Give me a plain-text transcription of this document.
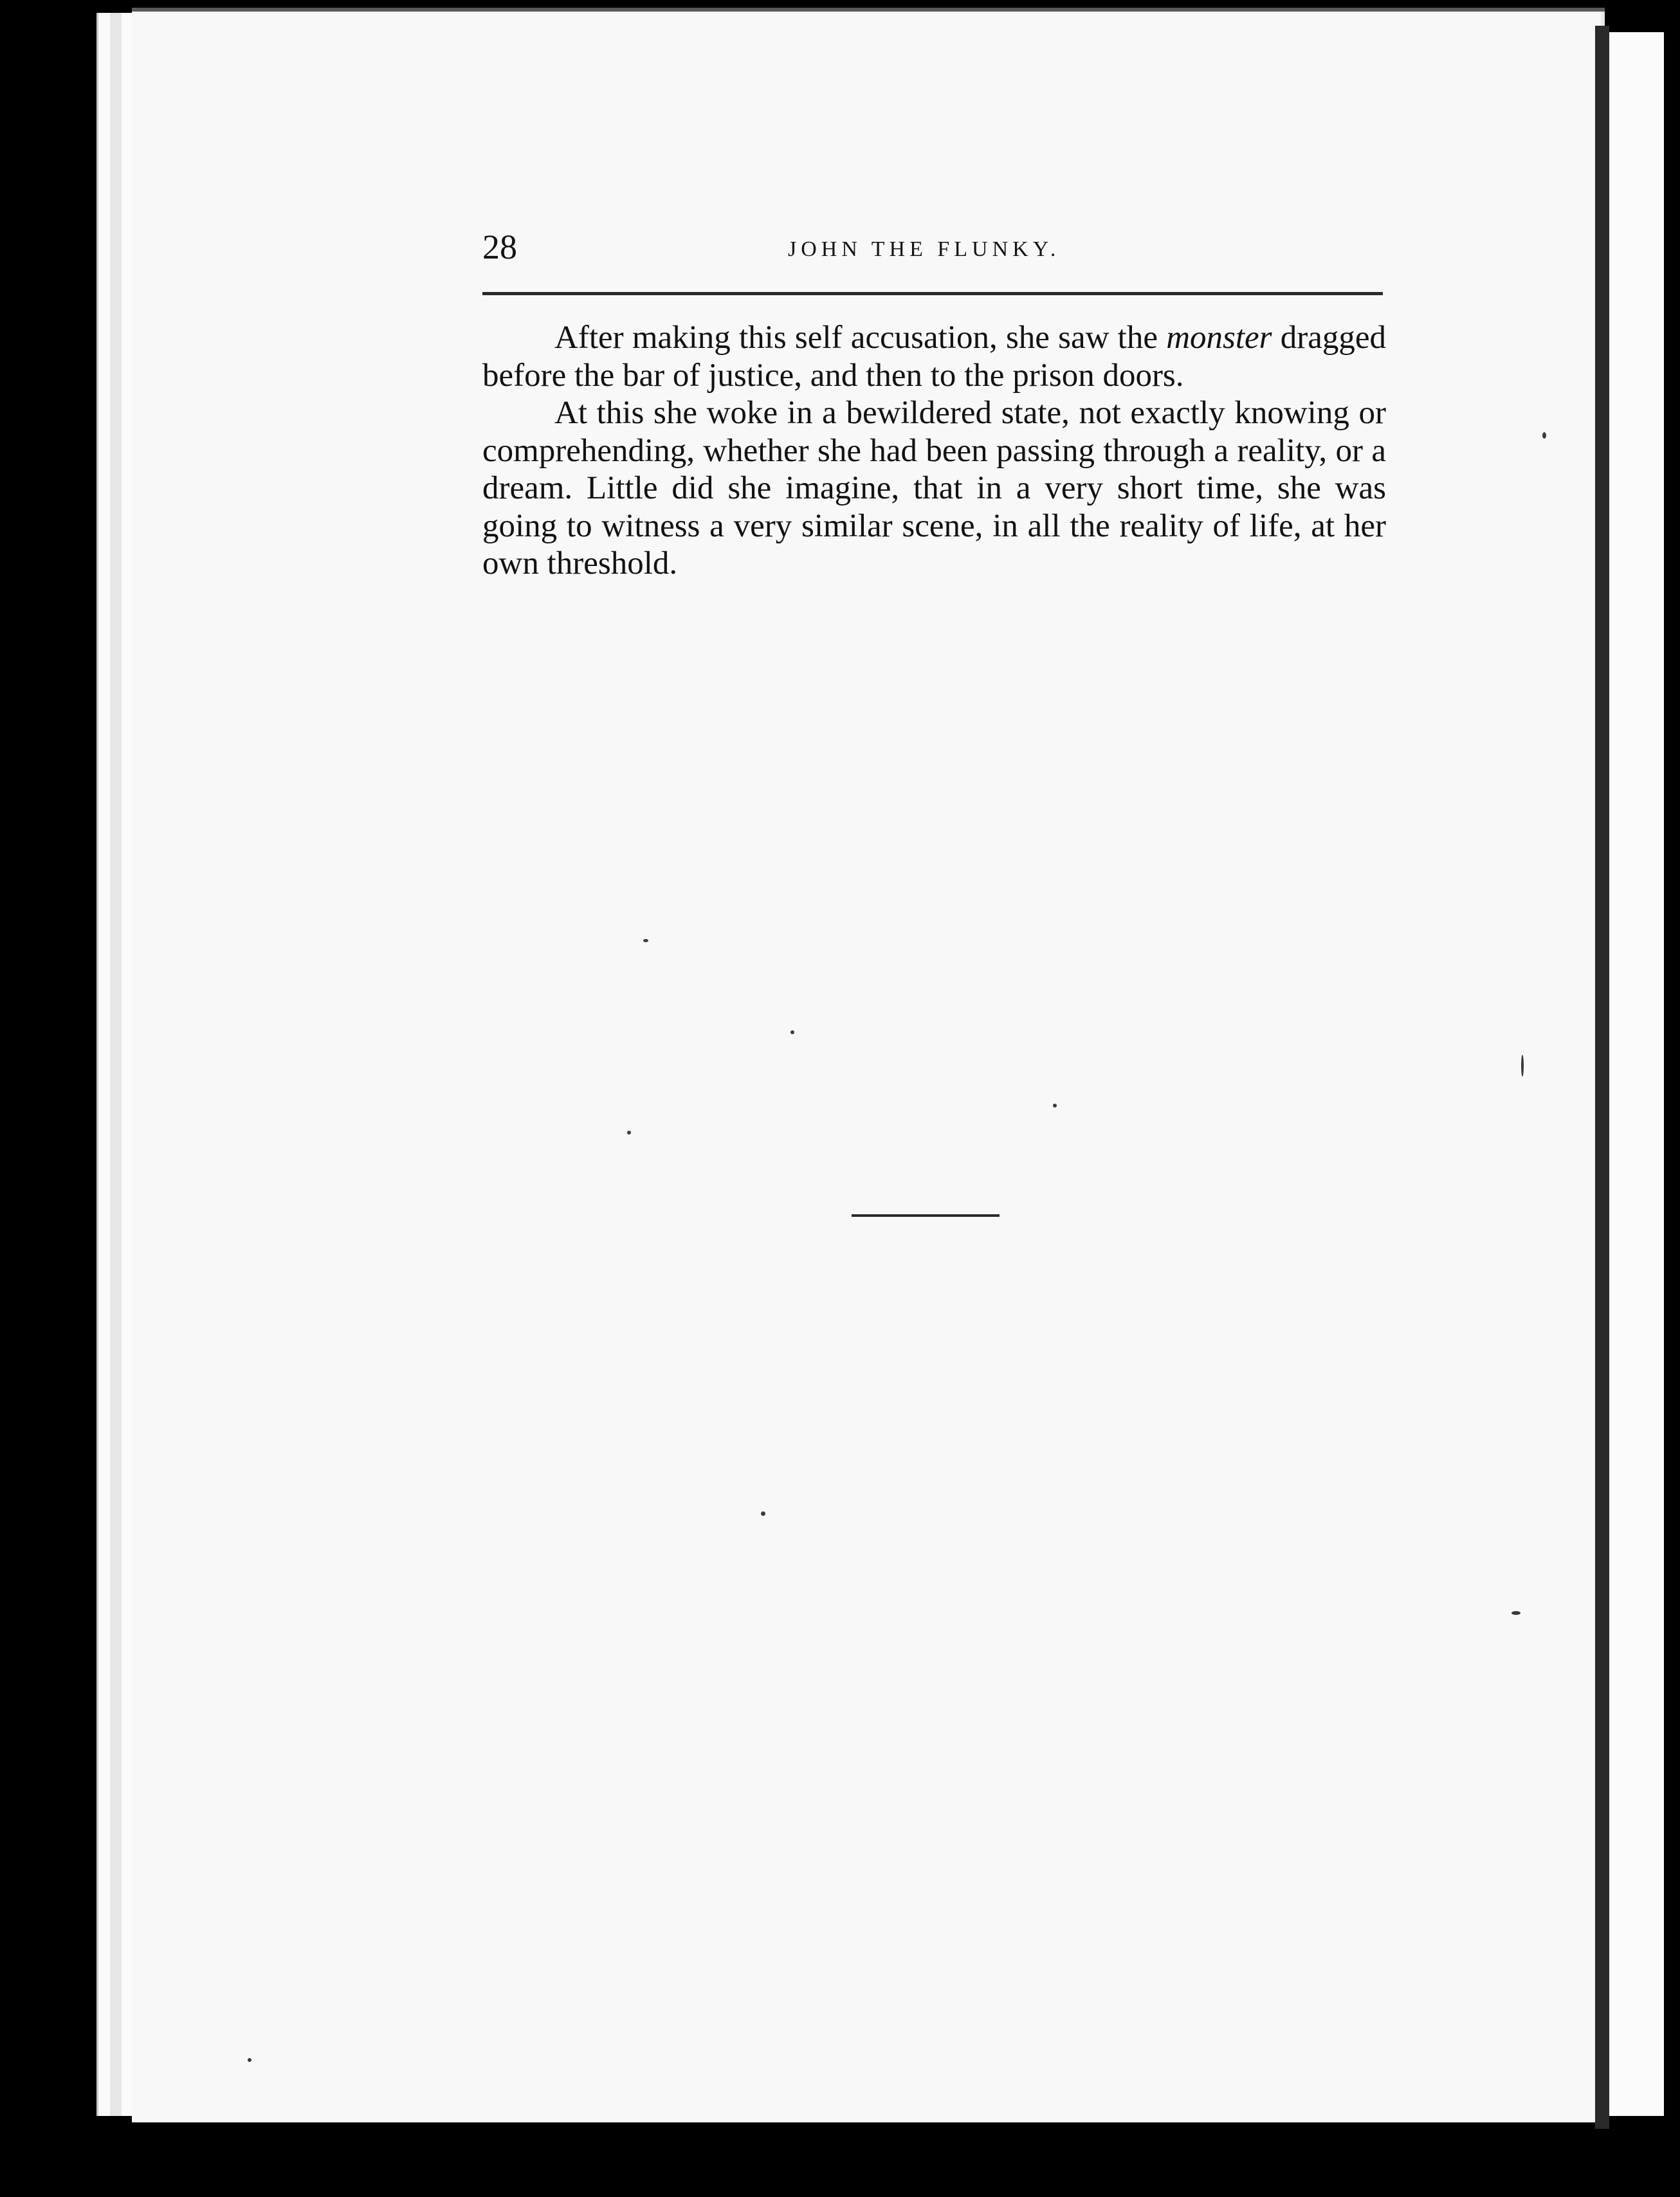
28	JOHN THE FLUNKY.

After making this self accusation, she saw the monster dragged before the bar of justice, and then to the prison doors.

At this she woke in a bewildered state, not exactly knowing or comprehending, whether she had been passing through a reality, or a dream. Little did she imagine, that in a very short time, she was going to witness a very similar scene, in all the reality of life, at her own threshold.
